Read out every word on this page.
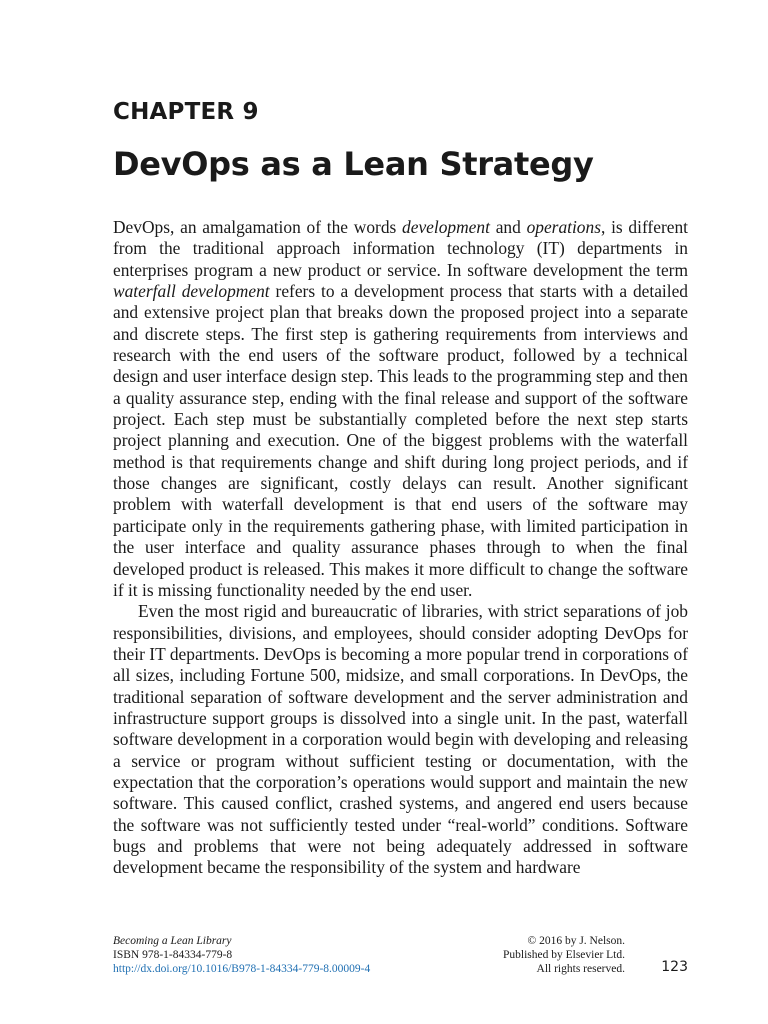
CHAPTER 9
DevOps as a Lean Strategy

DevOps, an amalgamation of the words development and operations, is different from the traditional approach information technology (IT) departments in enterprises program a new product or service. In software development the term waterfall development refers to a development process that starts with a detailed and extensive project plan that breaks down the proposed project into a separate and discrete steps. The first step is gathering requirements from interviews and research with the end users of the software product, followed by a technical design and user interface design step. This leads to the programming step and then a quality assurance step, ending with the final release and support of the software project. Each step must be substantially completed before the next step starts project planning and execution. One of the biggest problems with the waterfall method is that requirements change and shift during long project periods, and if those changes are significant, costly delays can result. Another significant problem with waterfall development is that end users of the software may participate only in the requirements gathering phase, with limited participation in the user interface and quality assurance phases through to when the final developed product is released. This makes it more difficult to change the software if it is missing functionality needed by the end user.

Even the most rigid and bureaucratic of libraries, with strict separations of job responsibilities, divisions, and employees, should consider adopting DevOps for their IT departments. DevOps is becoming a more popular trend in corporations of all sizes, including Fortune 500, midsize, and small corporations. In DevOps, the traditional separation of software development and the server administration and infrastructure support groups is dissolved into a single unit. In the past, waterfall software development in a corporation would begin with developing and releasing a service or program without sufficient testing or documentation, with the expectation that the corporation’s operations would support and maintain the new software. This caused conflict, crashed systems, and angered end users because the software was not sufficiently tested under “real-world” conditions. Software bugs and problems that were not being adequately addressed in software development became the responsibility of the system and hardware

Becoming a Lean Library
ISBN 978-1-84334-779-8
http://dx.doi.org/10.1016/B978-1-84334-779-8.00009-4
© 2016 by J. Nelson.
Published by Elsevier Ltd.
All rights reserved.	123
